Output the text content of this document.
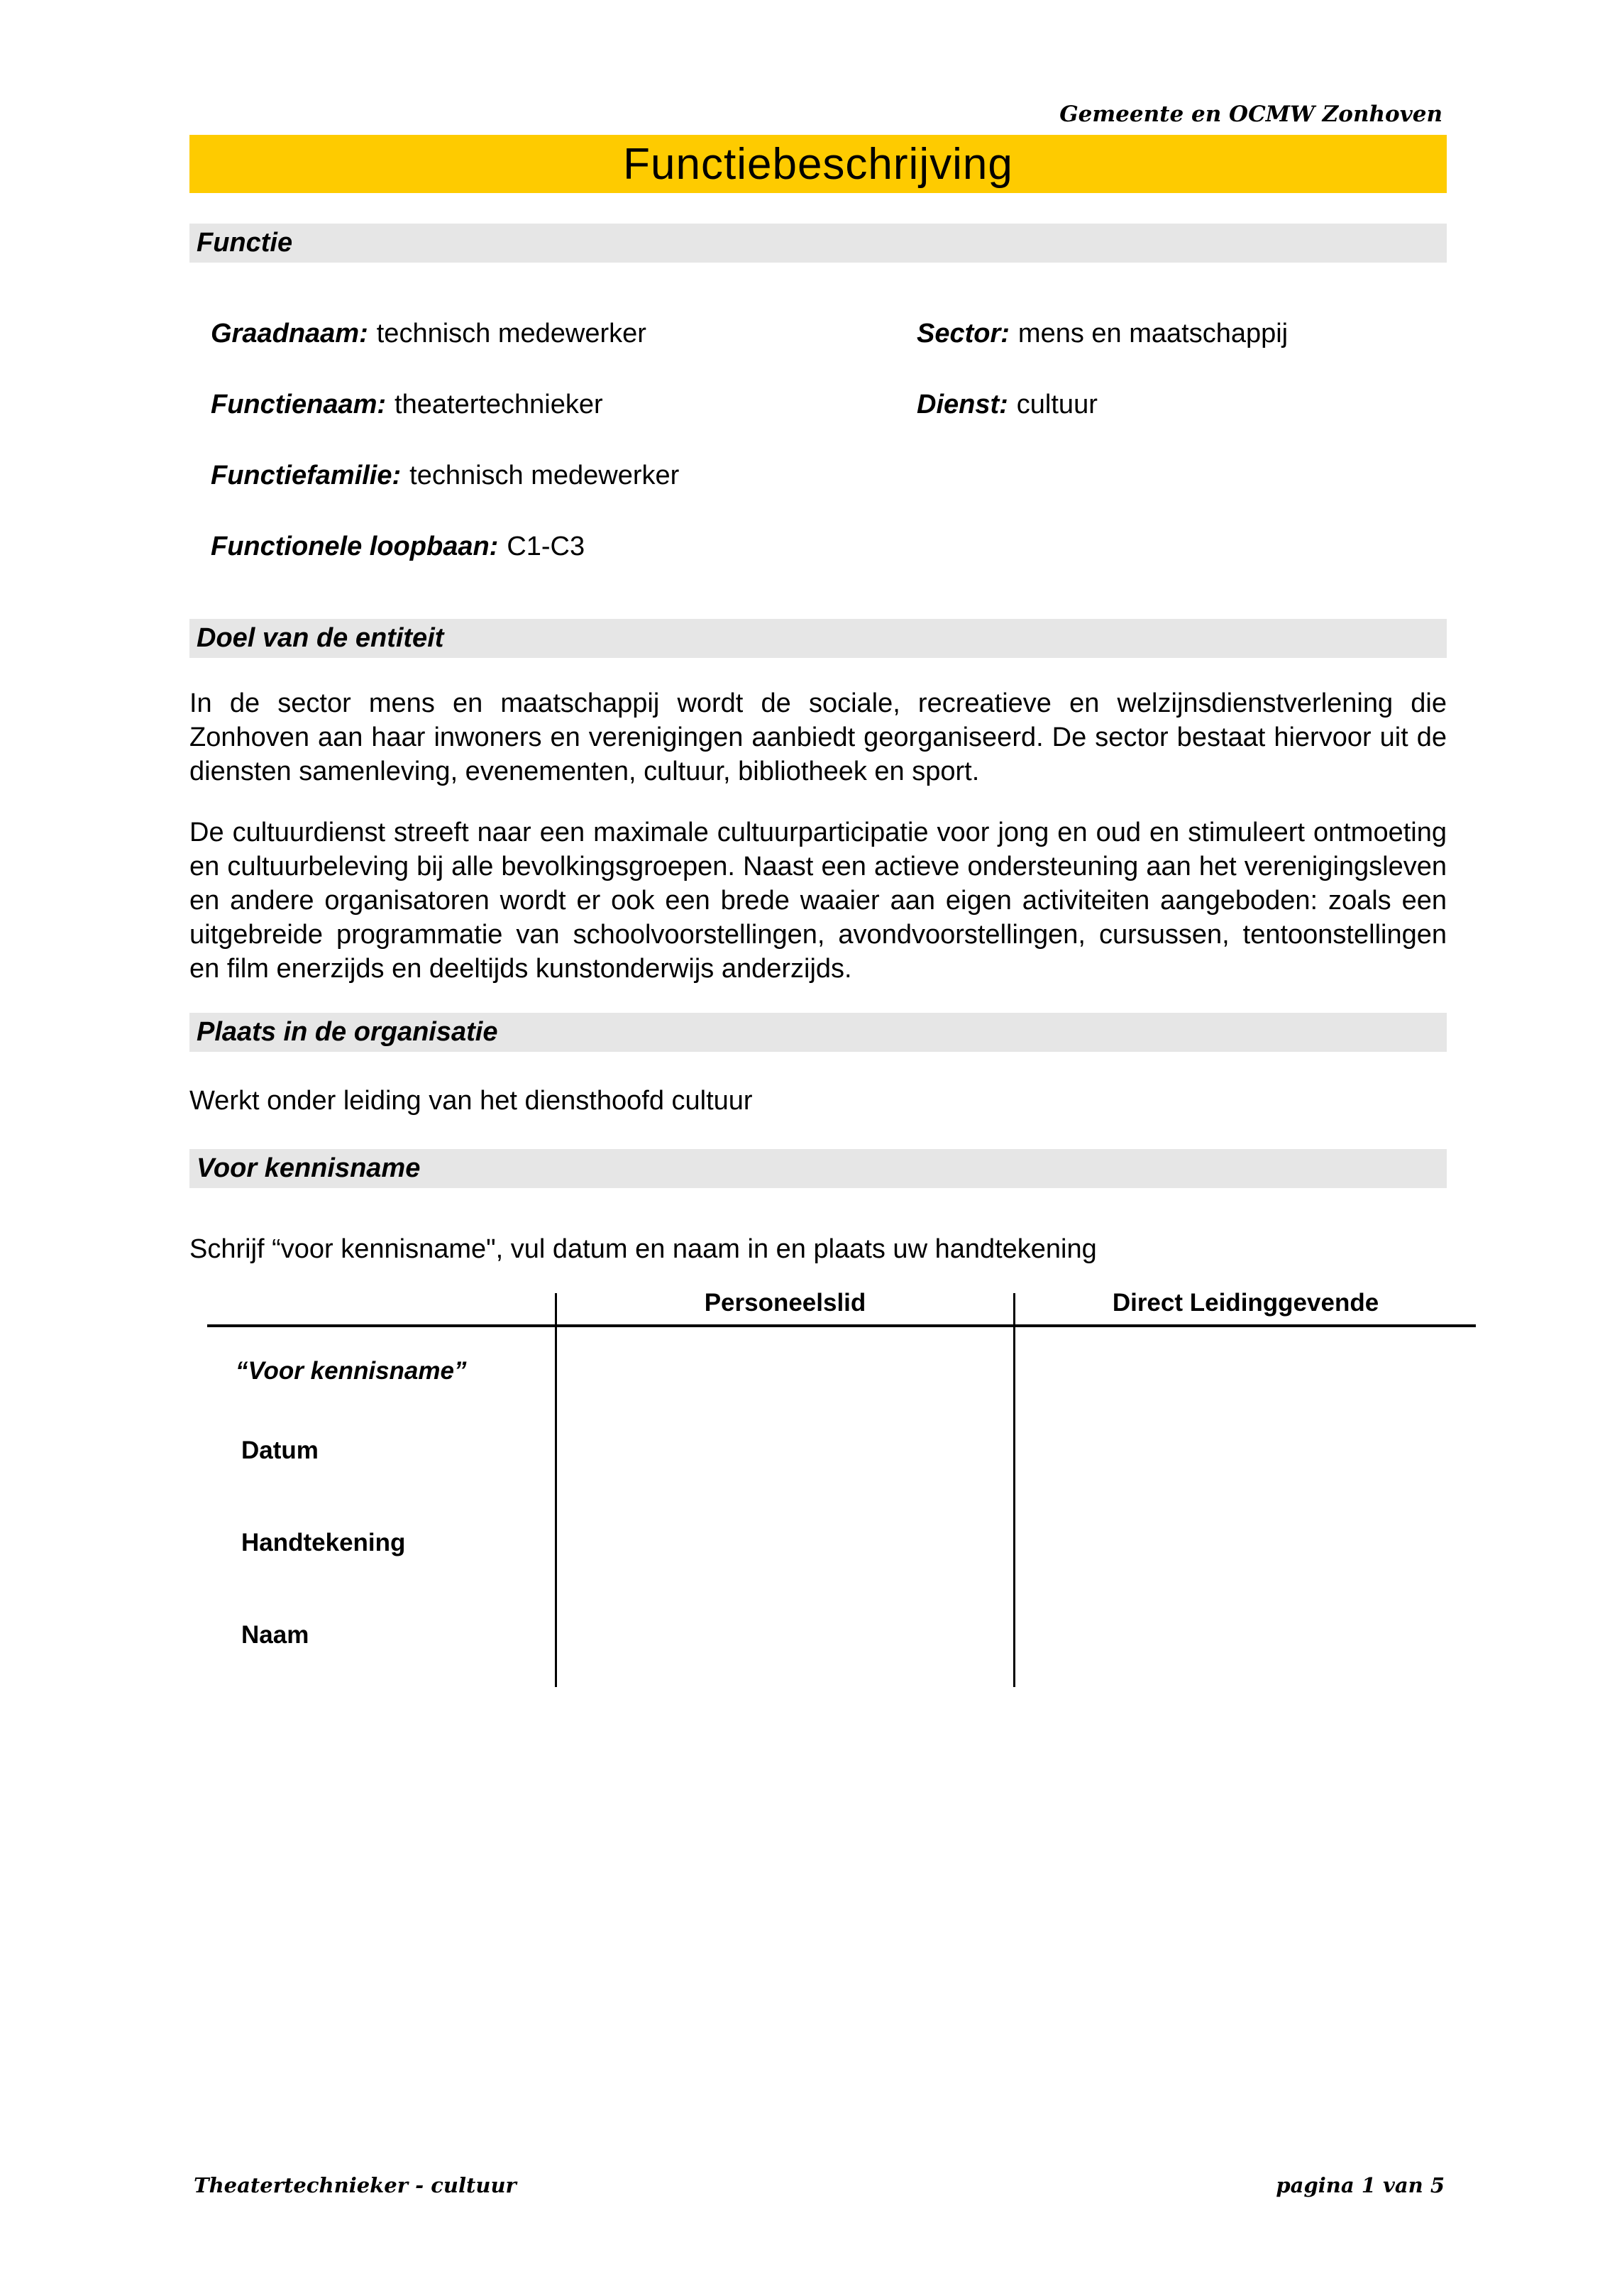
Gemeente en OCMW Zonhoven
Functiebeschrijving
Functie
Graadnaam: technisch medewerker	Sector: mens en maatschappij
Functienaam: theatertechnieker	Dienst: cultuur
Functiefamilie: technisch medewerker
Functionele loopbaan: C1-C3
Doel van de entiteit

In de sector mens en maatschappij wordt de sociale, recreatieve en welzijnsdienstverlening die Zonhoven aan haar inwoners en verenigingen aanbiedt georganiseerd. De sector bestaat hiervoor uit de diensten samenleving, evenementen, cultuur, bibliotheek en sport.

De cultuurdienst streeft naar een maximale cultuurparticipatie voor jong en oud en stimuleert ontmoeting en cultuurbeleving bij alle bevolkingsgroepen. Naast een actieve ondersteuning aan het verenigingsleven en andere organisatoren wordt er ook een brede waaier aan eigen activiteiten aangeboden: zoals een uitgebreide programmatie van schoolvoorstellingen, avondvoorstellingen, cursussen, tentoonstellingen en film enerzijds en deeltijds kunstonderwijs anderzijds.

Plaats in de organisatie
Werkt onder leiding van het diensthoofd cultuur
Voor kennisname
Schrijf “voor kennisname", vul datum en naam in en plaats uw handtekening
Personeelslid	Direct Leidinggevende
“Voor kennisname”
Datum
Handtekening
Naam
Theatertechnieker - cultuur	pagina 1 van 5
